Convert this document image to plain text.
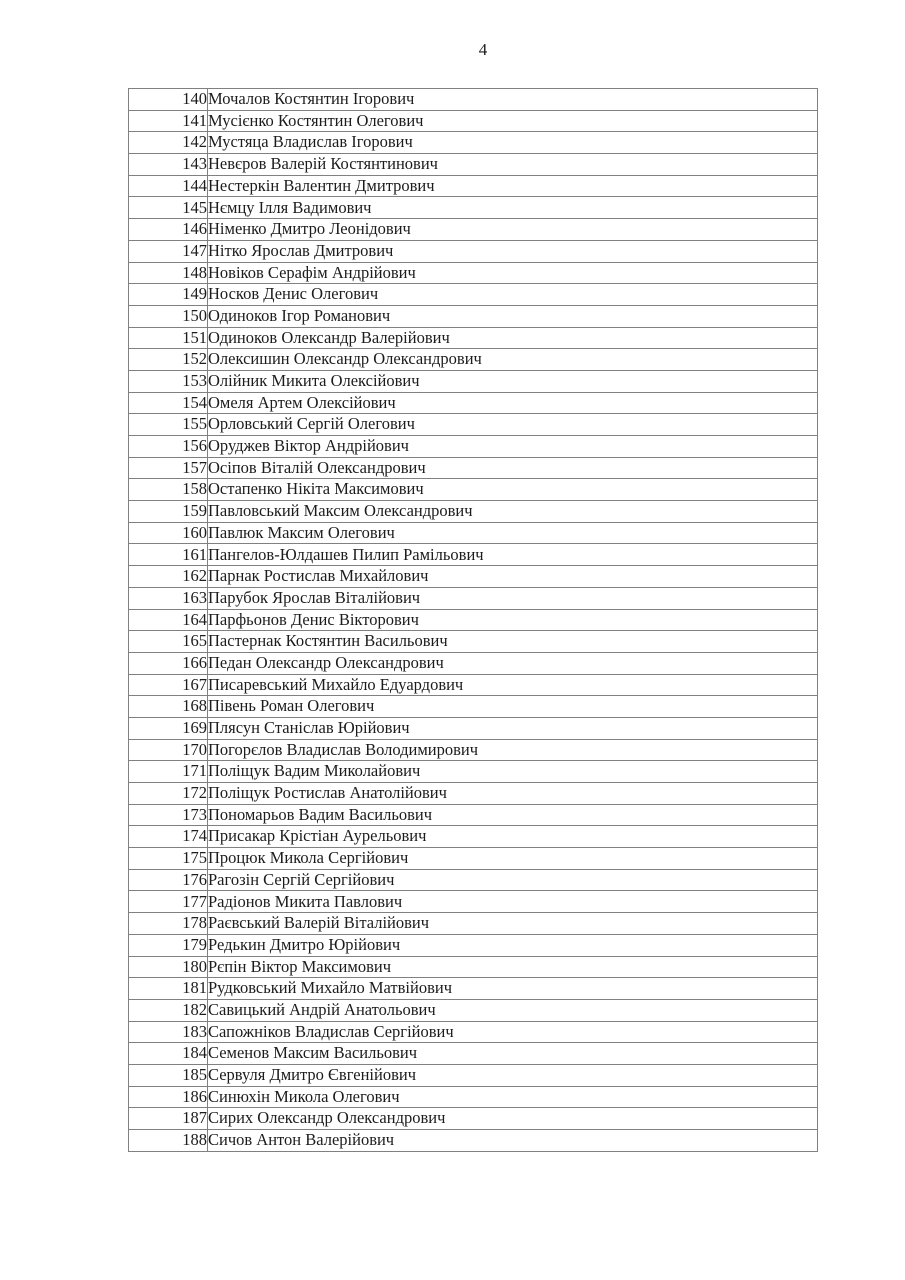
4
140	Мочалов Костянтин Ігорович
141	Мусієнко Костянтин Олегович
142	Мустяца Владислав Ігорович
143	Невєров Валерій Костянтинович
144	Нестеркін Валентин Дмитрович
145	Нємцу Ілля Вадимович
146	Німенко Дмитро Леонідович
147	Нітко Ярослав Дмитрович
148	Новіков Серафім Андрійович
149	Носков Денис Олегович
150	Одиноков Ігор Романович
151	Одиноков Олександр Валерійович
152	Олексишин Олександр Олександрович
153	Олійник Микита Олексійович
154	Омеля Артем Олексійович
155	Орловський Сергій Олегович
156	Оруджев Віктор Андрійович
157	Осіпов Віталій Олександрович
158	Остапенко Нікіта Максимович
159	Павловський Максим Олександрович
160	Павлюк Максим Олегович
161	Пангелов-Юлдашев Пилип Рамільович
162	Парнак Ростислав Михайлович
163	Парубок Ярослав Віталійович
164	Парфьонов Денис Вікторович
165	Пастернак Костянтин Васильович
166	Педан Олександр Олександрович
167	Писаревський Михайло Едуардович
168	Півень Роман Олегович
169	Плясун Станіслав Юрійович
170	Погорєлов Владислав Володимирович
171	Поліщук Вадим Миколайович
172	Поліщук Ростислав Анатолійович
173	Пономарьов Вадим Васильович
174	Присакар Крістіан Аурельович
175	Процюк Микола Сергійович
176	Рагозін Сергій Сергійович
177	Радіонов Микита Павлович
178	Раєвський Валерій Віталійович
179	Редькин Дмитро Юрійович
180	Рєпін Віктор Максимович
181	Рудковський Михайло Матвійович
182	Савицький Андрій Анатольович
183	Сапожніков Владислав Сергійович
184	Семенов Максим Васильович
185	Сервуля Дмитро Євгенійович
186	Синюхін Микола Олегович
187	Сирих Олександр Олександрович
188	Сичов Антон Валерійович
